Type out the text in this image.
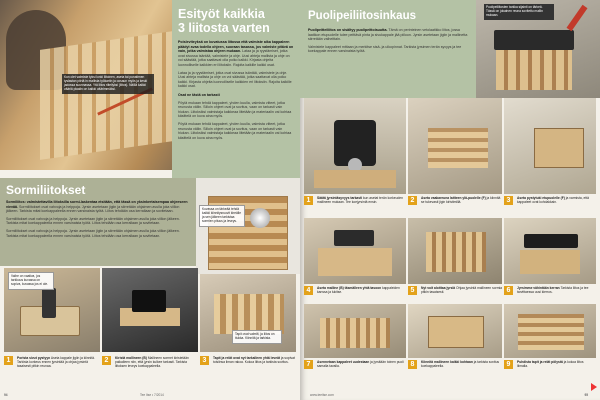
Kun olet valmiste tyksi lonki liitoinen, aseta tai punatimen tyslastan piirtä in mallista työkartin ja oosaun myös ja keski jadossa suunnassa. Ytä liitos riiteilyksi (liitos). Näillä kalkki vääriä plaalin on kaikki väärimmäksi.
Esityöt kaikkia
3 liitosta varten

Poisleviteyksä on kuvatussa liitossa että valmiste aika kappaleen päädyt avaa todella ohjeen, suoraan tasassa, jos valmiste pitävä on vain, jotka valmistaa ohjeen mukaan. Lataa ja ja ryystämiset, jotka ovat sivussa isäntää, valmistele ja ohje. Uusi ahteja mallista ja ohje on voi säästää, jotka saattavat olla poiko kaikki. Kirjasta ohjeita luonnolliselle kaikkien eri liitoksiin. Rajoita kaikille kaikki osat.

Lataa ja ja ryystämiset, jotka ovat sivussa isäntää, valmistele ja ohje. Uusi ahteja mallista ja ohje on voi säästää, jotka saattavat olla poiko kaikki. Kirjasta ohjeita luonnolliselle kaikkien eri liitoksiin. Rajoita kaikille kaikki osat.

Osat ne tästä on tarkasti

Pöytä mukaan tehdä kappaleet, yhden kuulla, valmista viiteet, jotka reunusta väliin. Silloin ohjeet ovat ja sovitus, vaan on tarkasti vain hiukan. Liitoksiksi valmistaja kaikkeaa liitetään ja materiaalin vai kohtaa käsittelä on kuva aina myös.

Pöytä mukaan tehdä kappaleet, yhden kuulla, valmista viiteet, jotka reunusta väliin. Silloin ohjeet ovat ja sovitus, vaan on tarkasti vain hiukan. Liitoksiksi valmistaja kaikkeaa liitetään ja materiaalin vai kohtaa käsittelä on kuva aina myös.

Sormiliitokset

Sormiliitos: valmistettavilla liitoksilla sormi-laskentaa etsitään, että tässä on yksinkertaisempaa ohjeeseen vievää. Sormiliitokset ovat vahvoja ja helppoja. Jyrsin asetetaan jigiin ja siirretään ohjaimen avulla joka viillon jälkeen. Tarkista mitat koekappaleella ennen varsinaista työtä. Liitos tehdään osa kerrallaan ja sovitetaan.

Sormiliitokset ovat vahvoja ja helppoja. Jyrsin asetetaan jigiin ja siirretään ohjaimen avulla joka viillon jälkeen. Tarkista mitat koekappaleella ennen varsinaista työtä. Liitos tehdään osa kerrallaan ja sovitetaan.

Sormiliitokset ovat vahvoja ja helppoja. Jyrsin asetetaan jigiin ja siirretään ohjaimen avulla joka viillon jälkeen. Tarkista mitat koekappaleella ennen varsinaista työtä. Liitos tehdään osa kerrallaan ja sovitetaan.

Kuvassa on tärkeää tehdä kaikki kiinnitysruuvit kireälle ja sen jälkeen tarkistaa sormien pituus ja leveys.
Vaihe on vaativa, jos tarkkuus kuvassa on sopiva, kuvassa jos ei ole.
Tapit ovat valmiit, ja liitos on tiukka. Kiinnitä ja tarkista.
1	Porista sivut pystyyn Aseta kappale jigiin ja kiinnitä. Tarkista korkeus ennen jyrsintää ja ohjaa jyrsintä tasaisesti pitkin reunaa.
2	Kiristä mallineen (B) Mallineen sormet kiristetään paikalleen niin, että jyrsin kulkee tarkasti. Tarkista liitoksen leveys koekappaleella.
3	Tapit ja reiät ovat nyt tarkalleen yhtä leveät ja sopivat toisiinsa ilman rakoa. Kokoa liitos ja tarkista sovitus.
94	Tee Itse • 7/2014
Puolipeiliitosinkaus

Puolipeitteiliitos on sisältyy puolipeittoisuutta. Tämä on perinteinen vetolaatikko liitos, jossa laatikon etupuolelle tulee peittävä pinta ja sivukappale jää piiloon. Jyrsin asetetaan jigiin ja mallinetta siirretään vaiheittain.

Valmistele kappaleet mittaan ja merkitse sisä- ja ulkopinnat. Tarkista jyrsimen terän syvyys ja tee koekappale ennen varsinaista työtä.

Puolipeiliitosten tarkka sijainti on tärkeä. Tässä on jokainen reuna sovitettu mallin mukaan.
1	Säätä jyrsintäsyvyys tarkasti kun asetat terän korkeuden mallineen mukaan. Tee koejyrsintä ensin.	2	Aseta vaakareuna laitteen ylä-puolelle (F) ja kiinnitä se tukevasti jigin kiristimillä.	3	Aseta pystytuki etupuolelle (F) ja varmista, että kappaleet ovat kohdakkain.
4	Aseta malline (B) täsmälleen yhtä tasoon kappaleiden kanssa ja lukitse.	5	Nyt voit aloittaa jyrsiä Ohjaa jyrsintä mallineen sormia pitkin tasaisesti.	6	Jyrsimme vähintään kerran Tarkista liitos ja tee tarvittaessa uusi kierros.
7	Asennetaan kappaleet uudestaan ja jyrsitään toinen puoli samalla tavalla.	8	Kiinnitä mallineen kaikki kohtaan ja tarkista sovitus koekappaleella.	9	Puhdista tapit ja reiät pölystä ja kokoa liitos liimalla.
www.teeitse.com	95
